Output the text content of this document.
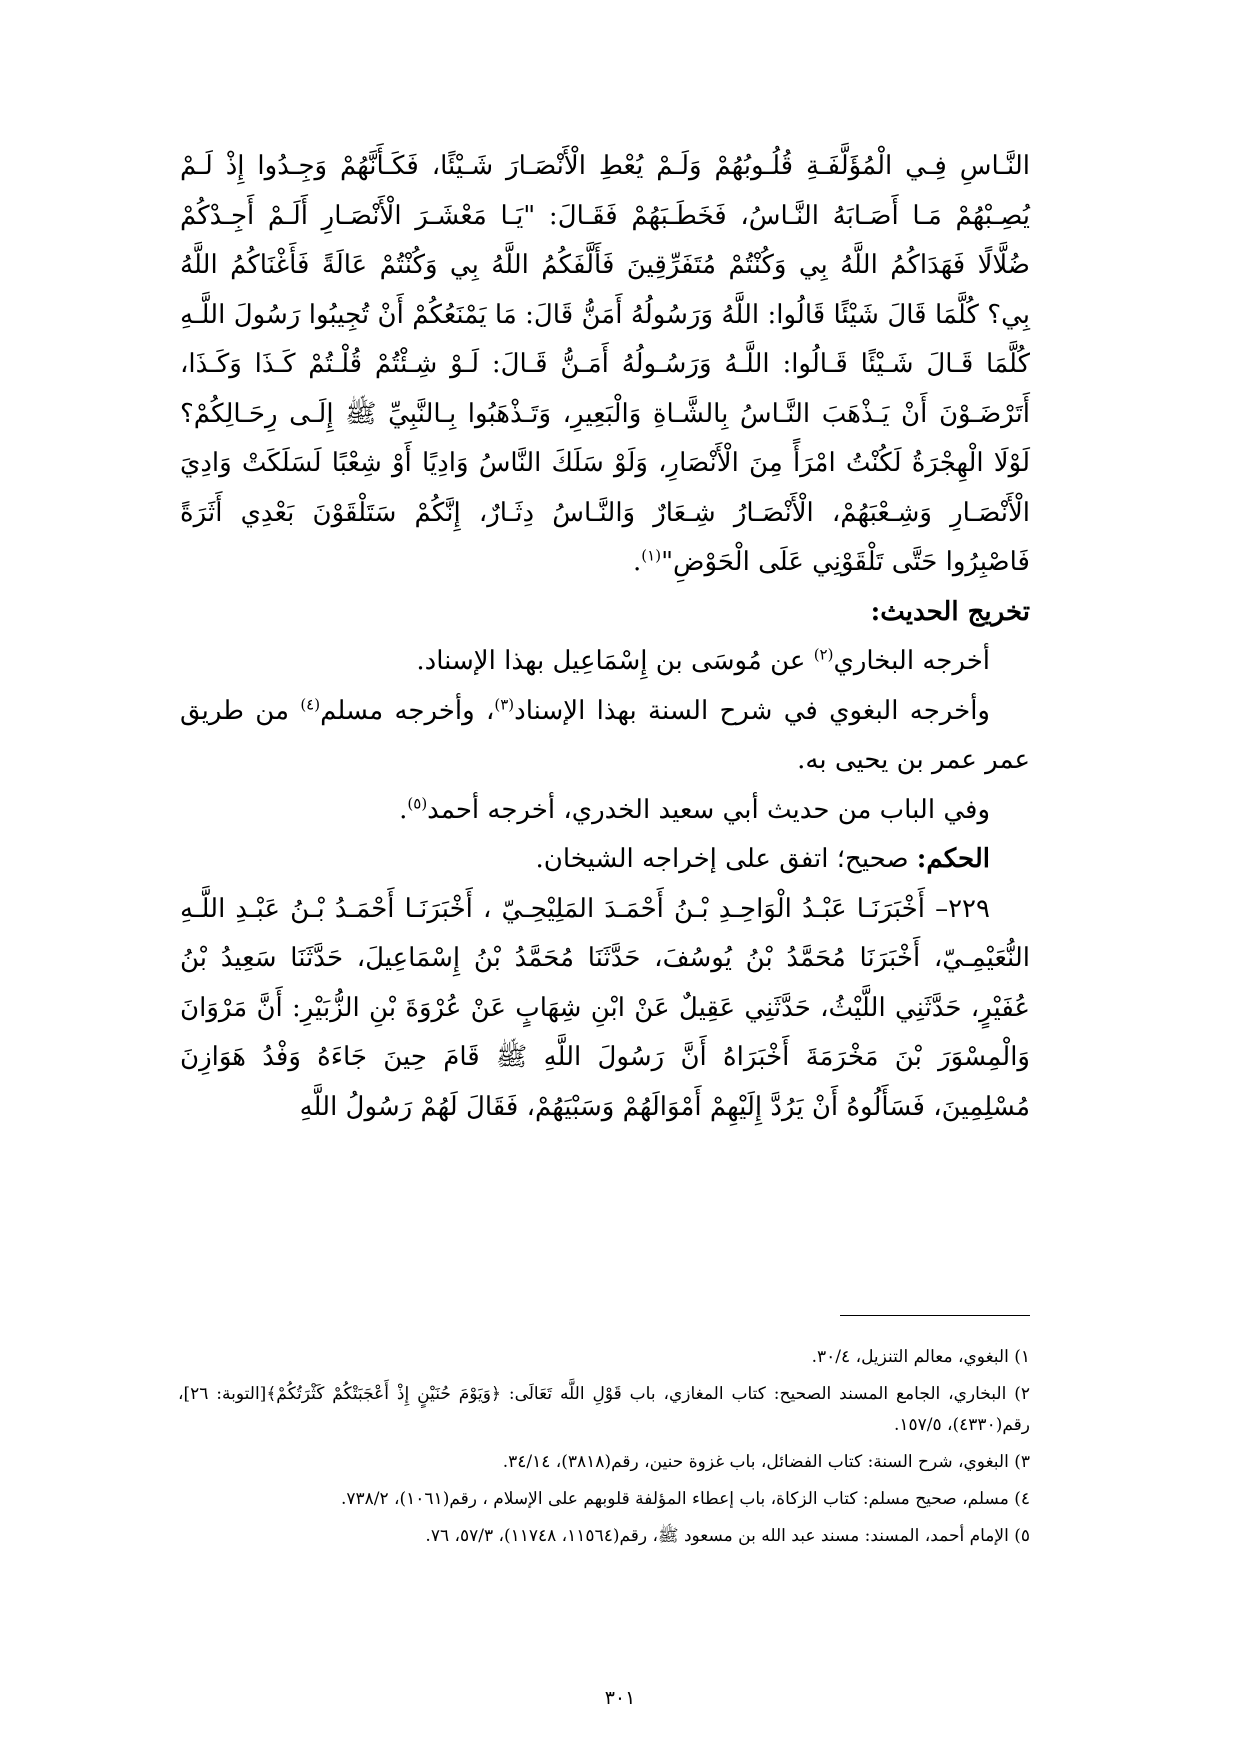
النَّـاسِ فِـي الْمُؤَلَّفَـةِ قُلُـوبُهُمْ وَلَـمْ يُعْطِ الْأَنْصَـارَ شَـيْئًا، فَكَـأَنَّهُمْ وَجِـدُوا إِذْ لَـمْ يُصِـبْهُمْ مَـا أَصَـابَهُ النَّـاسُ، فَخَطَـبَهُمْ فَقَـالَ: "يَـا مَعْشَـرَ الْأَنْصَـارِ أَلَـمْ أَجِـدْكُمْ ضُلَّالًا فَهَدَاكُمُ اللَّهُ بِي وَكُنْتُمْ مُتَفَرِّقِينَ فَأَلَّفَكُمُ اللَّهُ بِي وَكُنْتُمْ عَالَةً فَأَغْنَاكُمُ اللَّهُ بِي؟ كُلَّمَا قَالَ شَيْئًا قَالُوا: اللَّهُ وَرَسُولُهُ أَمَنُّ قَالَ: مَا يَمْنَعُكُمْ أَنْ تُجِيبُوا رَسُولَ اللَّـهِ كُلَّمَا قَـالَ شَـيْئًا قَـالُوا: اللَّـهُ وَرَسُـولُهُ أَمَـنُّ قَـالَ: لَـوْ شِـئْتُمْ قُلْـتُمْ كَـذَا وَكَـذَا، أَتَرْضَـوْنَ أَنْ يَـذْهَبَ النَّـاسُ بِالشَّـاةِ وَالْبَعِيرِ، وَتَـذْهَبُوا بِـالنَّبِيِّ ﷺ إِلَـى رِحَـالِكُمْ؟ لَوْلَا الْهِجْرَةُ لَكُنْتُ امْرَأً مِنَ الْأَنْصَارِ، وَلَوْ سَلَكَ النَّاسُ وَادِيًا أَوْ شِعْبًا لَسَلَكَتْ وَادِيَ الْأَنْصَـارِ وَشِـعْبَهُمْ، الْأَنْصَـارُ شِـعَارٌ وَالنَّـاسُ دِثَـارٌ، إِنَّكُمْ سَتَلْقَوْنَ بَعْدِي أَثَرَةً فَاصْبِرُوا حَتَّى تَلْقَوْنِي عَلَى الْحَوْضِ"$^{(١)}$.

تخريج الحديث:

أخرجه البخاري$^{(٢)}$ عن مُوسَى بن إِسْمَاعِيل بهذا الإسناد.

وأخرجه البغوي في شرح السنة بهذا الإسناد$^{(٣)}$، وأخرجه مسلم$^{(٤)}$ من طريق عمر عمر بن يحيى به.

وفي الباب من حديث أبي سعيد الخدري، أخرجه أحمد$^{(٥)}$.

الحكم: صحيح؛ اتفق على إخراجه الشيخان.

٢٢٩– أَخْبَرَنَـا عَبْـدُ الْوَاحِـدِ بْـنُ أَحْمَـدَ المَلِيْحِـيّ ، أَخْبَرَنَـا أَحْمَـدُ بْـنُ عَبْـدِ اللَّـهِ النُّعَيْمِـيّ، أَخْبَرَنَا مُحَمَّدُ بْنُ يُوسُفَ، حَدَّثَنَا مُحَمَّدُ بْنُ إِسْمَاعِيلَ، حَدَّثَنَا سَعِيدُ بْنُ عُفَيْرٍ، حَدَّثَنِي اللَّيْثُ، حَدَّثَنِي عَقِيلٌ عَنْ ابْنِ شِهَابٍ عَنْ عُرْوَةَ بْنِ الزُّبَيْرِ: أَنَّ مَرْوَانَ وَالْمِسْوَرَ بْنَ مَخْرَمَةَ أَخْبَرَاهُ أَنَّ رَسُولَ اللَّهِ ﷺ قَامَ حِينَ جَاءَهُ وَفْدُ هَوَازِنَ مُسْلِمِينَ، فَسَأَلُوهُ أَنْ يَرُدَّ إِلَيْهِمْ أَمْوَالَهُمْ وَسَبْيَهُمْ، فَقَالَ لَهُمْ رَسُولُ اللَّهِ

١) البغوي، معالم التنزيل، ٣٠/٤.

٢) البخاري، الجامع المسند الصحيح: كتاب المغازي، باب قَوْلِ اللَّه تَعَالَى: ﴿وَيَوْمَ حُنَيْنٍ إِذْ أَعْجَبَتْكُمْ كَثْرَتُكُمْ﴾[التوبة: ٢٦]، رقم(٤٣٣٠)، ١٥٧/٥.

٣) البغوي، شرح السنة: كتاب الفضائل، باب غزوة حنين، رقم(٣٨١٨)، ٣٤/١٤.

٤) مسلم، صحيح مسلم: كتاب الزكاة، باب إعطاء المؤلفة قلوبهم على الإسلام ، رقم(١٠٦١)، ٧٣٨/٢.

٥) الإمام أحمد، المسند: مسند عبد الله بن مسعود ﷺ، رقم(١١٥٦٤، ١١٧٤٨)، ٥٧/٣، ٧٦.

٣٠١
